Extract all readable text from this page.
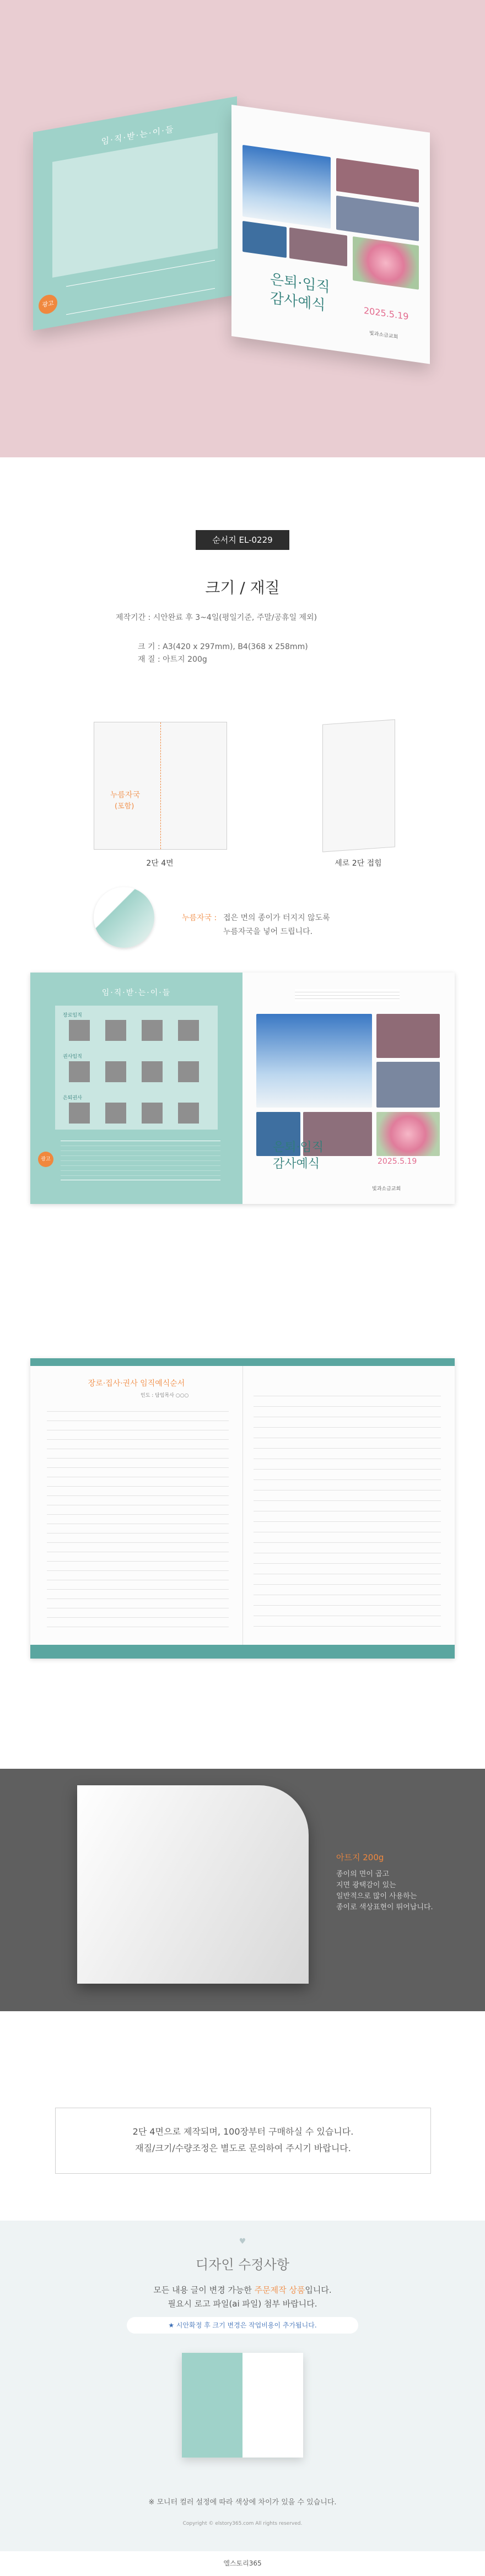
임·직·받·는·이·들
광고
은퇴·임직
감사예식	2025.5.19
빛과소금교회
순서지 EL-0229
크기 / 재질
제작기간 : 시안완료 후 3~4일(평일기준, 주말/공휴일 제외)
크 기 : A3(420 x 297mm), B4(368 x 258mm)
재 질 : 아트지 200g
누름자국
(포함)
2단 4면	세로 2단 접힘
누름자국 : 접은 면의 종이가 터지지 않도록
누름자국을 넣어 드립니다.
임·직·받·는·이·들
장로임직
권사임직
은퇴권사
광고
은퇴·임직
감사예식	2025.5.19
빛과소금교회
장로·집사·권사 임직예식순서
인도 : 담임목사 ○○○
아트지 200g
종이의 면이 곱고
지면 광택감이 있는
일반적으로 많이 사용하는
종이로 색상표현이 뛰어납니다.
2단 4면으로 제작되며, 100장부터 구매하실 수 있습니다.
재질/크기/수량조정은 별도로 문의하여 주시기 바랍니다.
♥
디자인 수정사항
모든 내용 글이 변경 가능한 주문제작 상품입니다.
필요시 로고 파일(ai 파일) 첨부 바랍니다.
★ 시안확정 후 크기 변경은 작업비용이 추가됩니다.
※ 모니터 컬러 설정에 따라 색상에 차이가 있을 수 있습니다.
Copyright © elstory365.com All rights reserved.
엘스토리365
